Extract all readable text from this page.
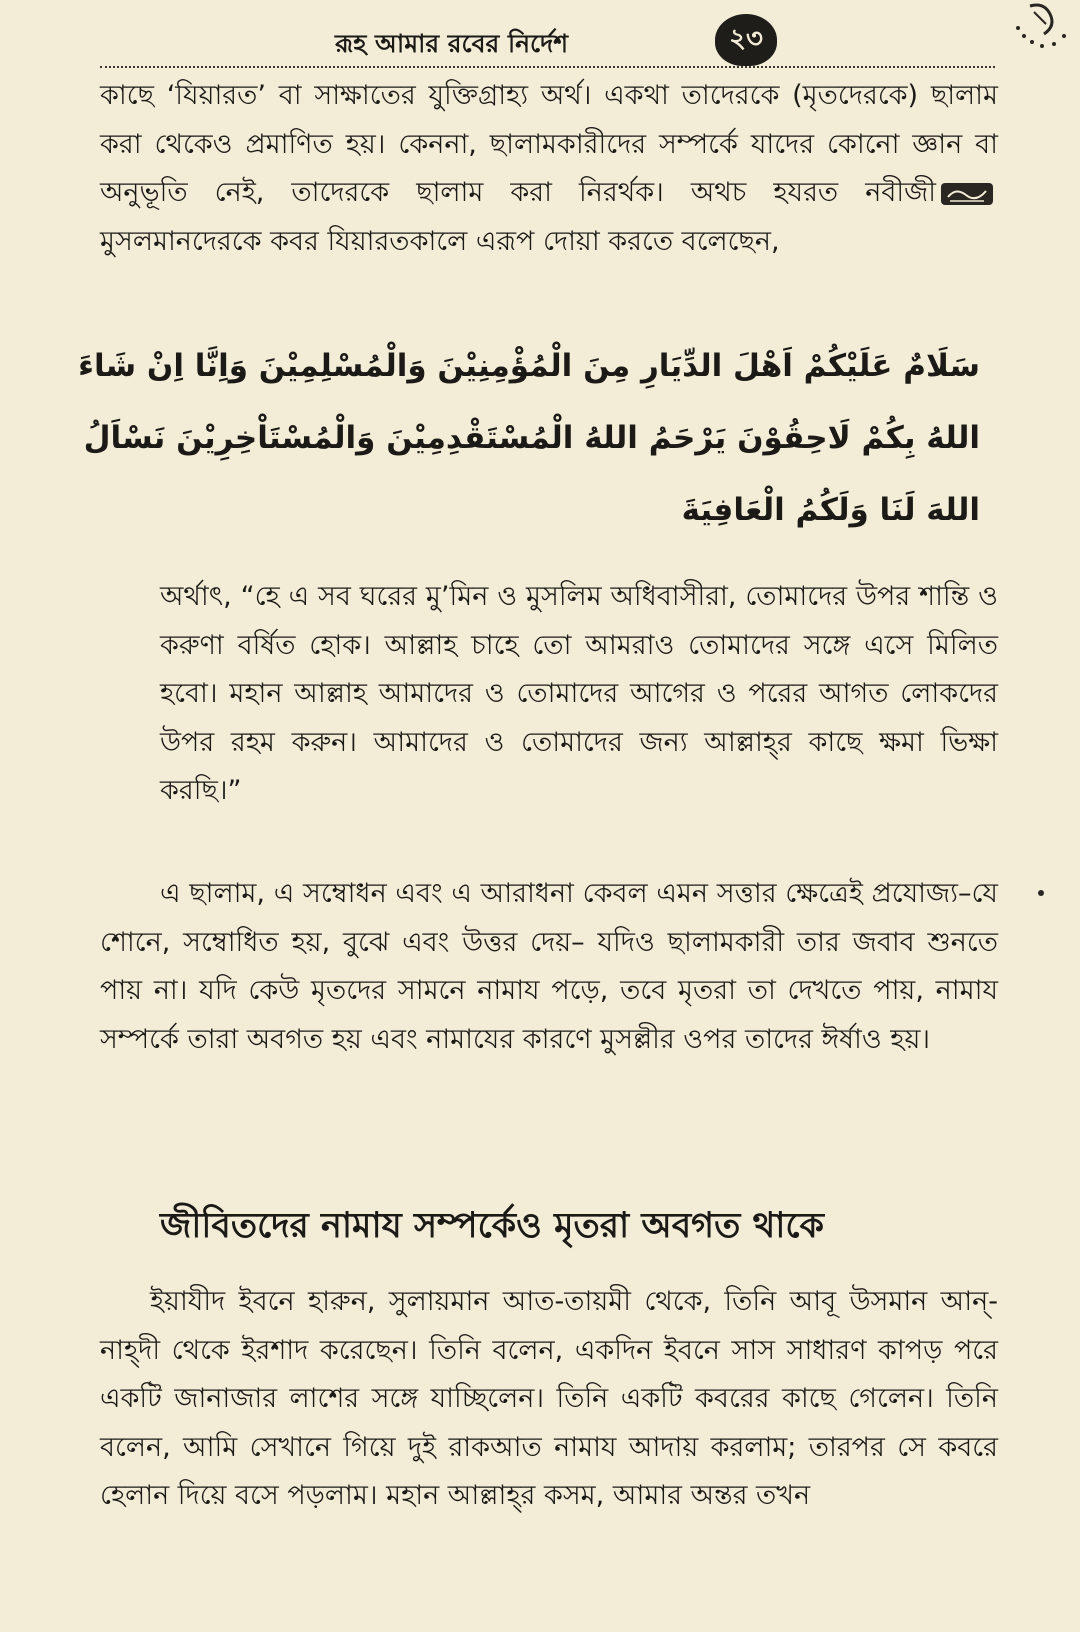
রূহ আমার রবের নির্দেশ	২৩

কাছে ‘যিয়ারত’ বা সাক্ষাতের যুক্তিগ্রাহ্য অর্থ। একথা তাদেরকে (মৃতদেরকে) ছালাম করা থেকেও প্রমাণিত হয়। কেননা, ছালামকারীদের সম্পর্কে যাদের কোনো জ্ঞান বা অনুভূতি নেই, তাদেরকে ছালাম করা নিরর্থক। অথচ হযরত নবীজী মুসলমানদেরকে কবর যিয়ারতকালে এরূপ দোয়া করতে বলেছেন,

سَلَامٌ عَلَيْكُمْ اَهْلَ الدِّيَارِ مِنَ الْمُؤْمِنِيْنَ وَالْمُسْلِمِيْنَ وَاِنَّا اِنْ شَاءَ
اللهُ بِكُمْ لَاحِقُوْنَ يَرْحَمُ اللهُ الْمُسْتَقْدِمِيْنَ وَالْمُسْتَاْخِرِيْنَ نَسْاَلُ
اللهَ لَنَا وَلَكُمُ الْعَافِيَةَ

অর্থাৎ, “হে এ সব ঘরের মু’মিন ও মুসলিম অধিবাসীরা, তোমাদের উপর শান্তি ও করুণা বর্ষিত হোক। আল্লাহ চাহে তো আমরাও তোমাদের সঙ্গে এসে মিলিত হবো। মহান আল্লাহ আমাদের ও তোমাদের আগের ও পরের আগত লোকদের উপর রহম করুন। আমাদের ও তোমাদের জন্য আল্লাহ্‌র কাছে ক্ষমা ভিক্ষা করছি।”

এ ছালাম, এ সম্বোধন এবং এ আরাধনা কেবল এমন সত্তার ক্ষেত্রেই প্রযোজ্য–যে শোনে, সম্বোধিত হয়, বুঝে এবং উত্তর দেয়– যদিও ছালামকারী তার জবাব শুনতে পায় না। যদি কেউ মৃতদের সামনে নামায পড়ে, তবে মৃতরা তা দেখতে পায়, নামায সম্পর্কে তারা অবগত হয় এবং নামাযের কারণে মুসল্লীর ওপর তাদের ঈর্ষাও হয়।

জীবিতদের নামায সম্পর্কেও মৃতরা অবগত থাকে

ইয়াযীদ ইবনে হারুন, সুলায়মান আত-তায়মী থেকে, তিনি আবূ উসমান আন্-নাহ্‌দী থেকে ইরশাদ করেছেন। তিনি বলেন, একদিন ইবনে সাস সাধারণ কাপড় পরে একটি জানাজার লাশের সঙ্গে যাচ্ছিলেন। তিনি একটি কবরের কাছে গেলেন। তিনি বলেন, আমি সেখানে গিয়ে দুই রাকআত নামায আদায় করলাম; তারপর সে কবরে হেলান দিয়ে বসে পড়লাম। মহান আল্লাহ্‌র কসম, আমার অন্তর তখন
